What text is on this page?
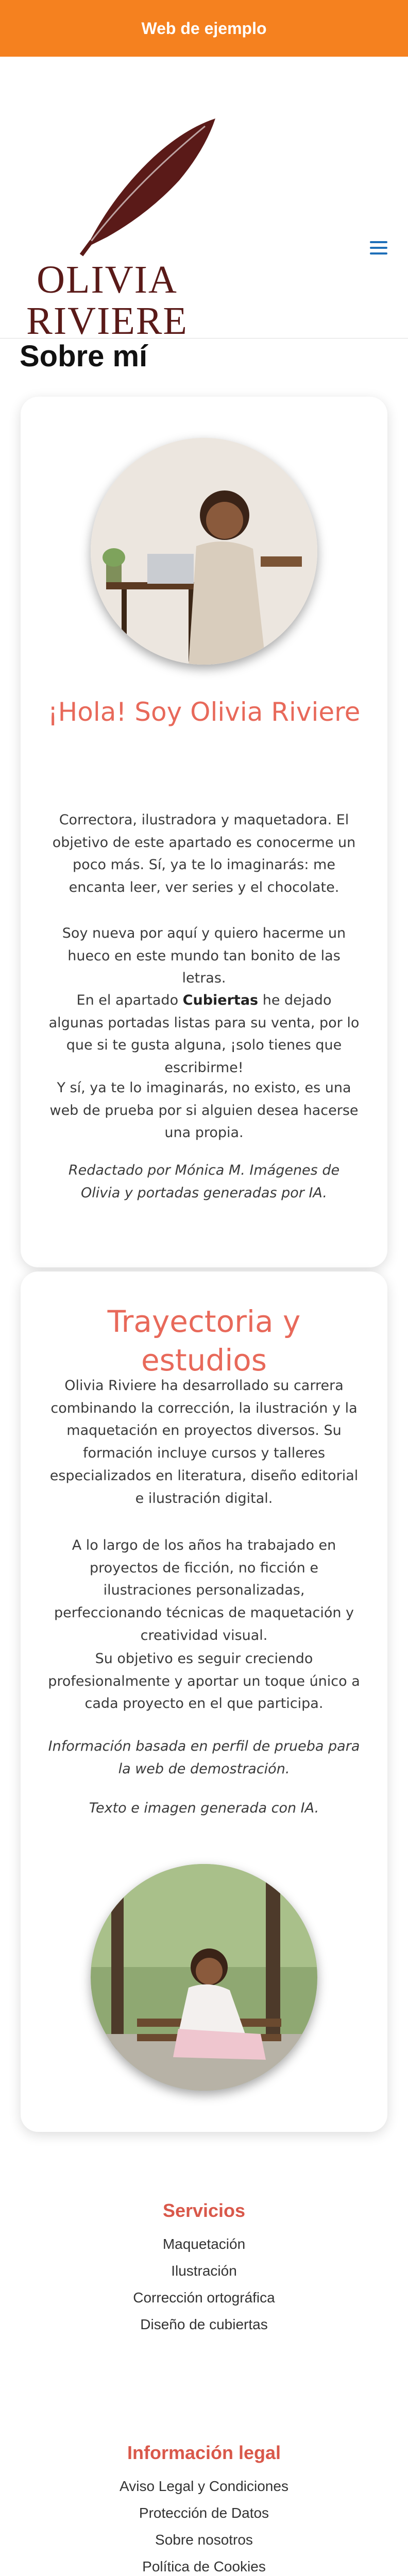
Web de ejemplo
OLIVIA
RIVIERE
Sobre mí
¡Hola! Soy Olivia Riviere

Correctora, ilustradora y maquetadora. El objetivo de este apartado es conocerme un poco más. Sí, ya te lo imaginarás: me encanta leer, ver series y el chocolate.

Soy nueva por aquí y quiero hacerme un hueco en este mundo tan bonito de las letras.

En el apartado Cubiertas he dejado algunas portadas listas para su venta, por lo que si te gusta alguna, ¡solo tienes que escribirme!

Y sí, ya te lo imaginarás, no existo, es una web de prueba por si alguien desea hacerse una propia.

Redactado por Mónica M. Imágenes de Olivia y portadas generadas por IA.

Trayectoria y estudios

Olivia Riviere ha desarrollado su carrera combinando la corrección, la ilustración y la maquetación en proyectos diversos. Su formación incluye cursos y talleres especializados en literatura, diseño editorial e ilustración digital.

A lo largo de los años ha trabajado en proyectos de ficción, no ficción e ilustraciones personalizadas, perfeccionando técnicas de maquetación y creatividad visual.

Su objetivo es seguir creciendo profesionalmente y aportar un toque único a cada proyecto en el que participa.

Información basada en perfil de prueba para la web de demostración.

Texto e imagen generada con IA.

Servicios
Maquetación
Ilustración
Corrección ortográfica
Diseño de cubiertas
Información legal
Aviso Legal y Condiciones
Protección de Datos
Sobre nosotros
Política de Cookies
